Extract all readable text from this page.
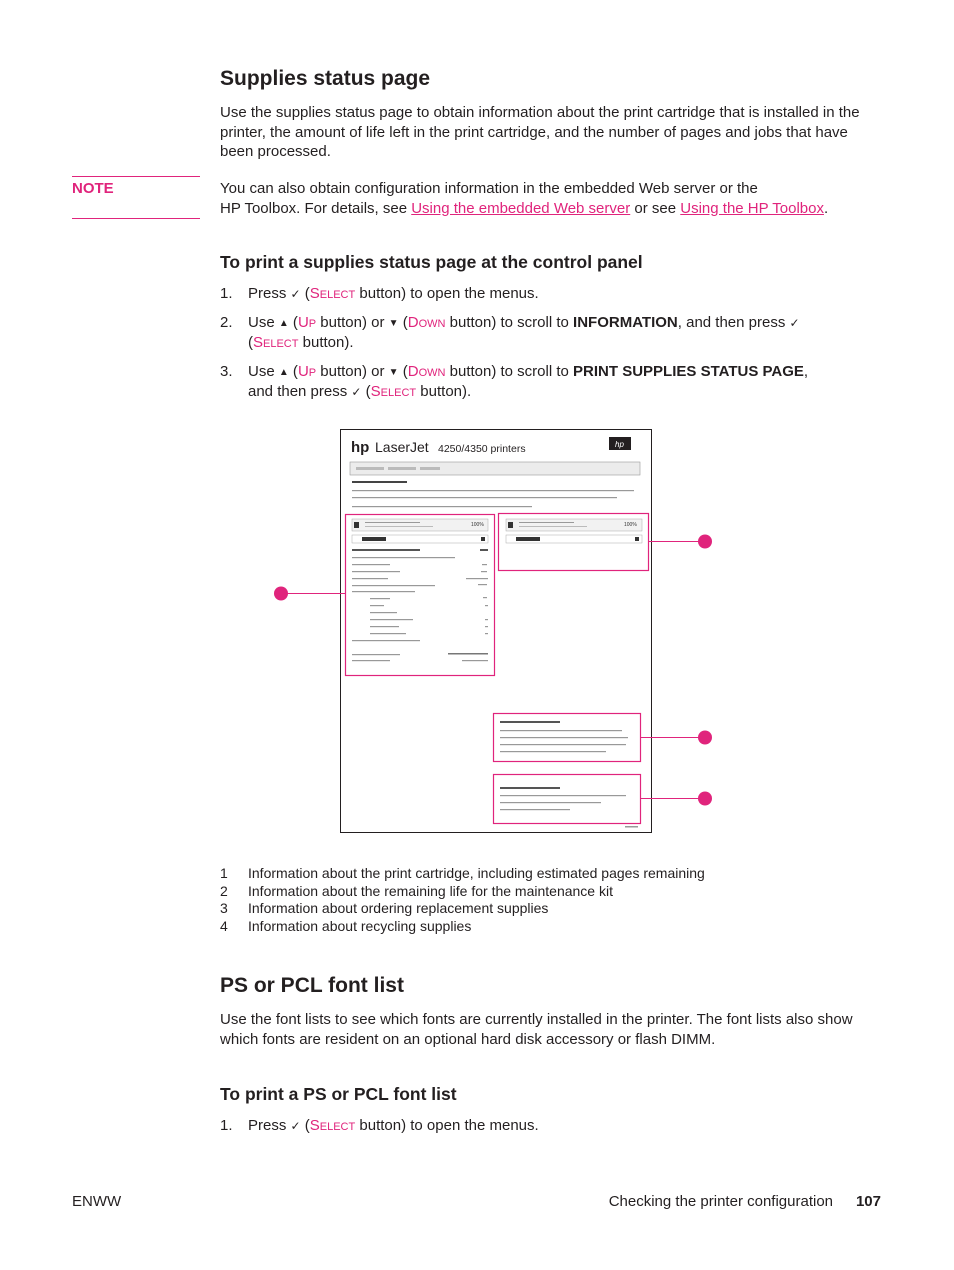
Supplies status page

Use the supplies status page to obtain information about the print cartridge that is installed in the printer, the amount of life left in the print cartridge, and the number of pages and jobs that have been processed.

NOTE	You can also obtain configuration information in the embedded Web server or the
HP Toolbox. For details, see Using the embedded Web server or see Using the HP Toolbox.
To print a supplies status page at the control panel
1. Press ✓ (Select button) to open the menus.
2. Use ▲ (Up button) or ▼ (Down button) to scroll to INFORMATION, and then press ✓
(Select button).
3. Use ▲ (Up button) or ▼ (Down button) to scroll to PRINT SUPPLIES STATUS PAGE,
and then press ✓ (Select button).
hp LaserJet 4250/4350 printers	hp
100%	100%
1 Information about the print cartridge, including estimated pages remaining
2 Information about the remaining life for the maintenance kit
3 Information about ordering replacement supplies
4 Information about recycling supplies
PS or PCL font list

Use the font lists to see which fonts are currently installed in the printer. The font lists also show which fonts are resident on an optional hard disk accessory or flash DIMM.

To print a PS or PCL font list
1. Press ✓ (Select button) to open the menus.
ENWW	Checking the printer configuration 107
